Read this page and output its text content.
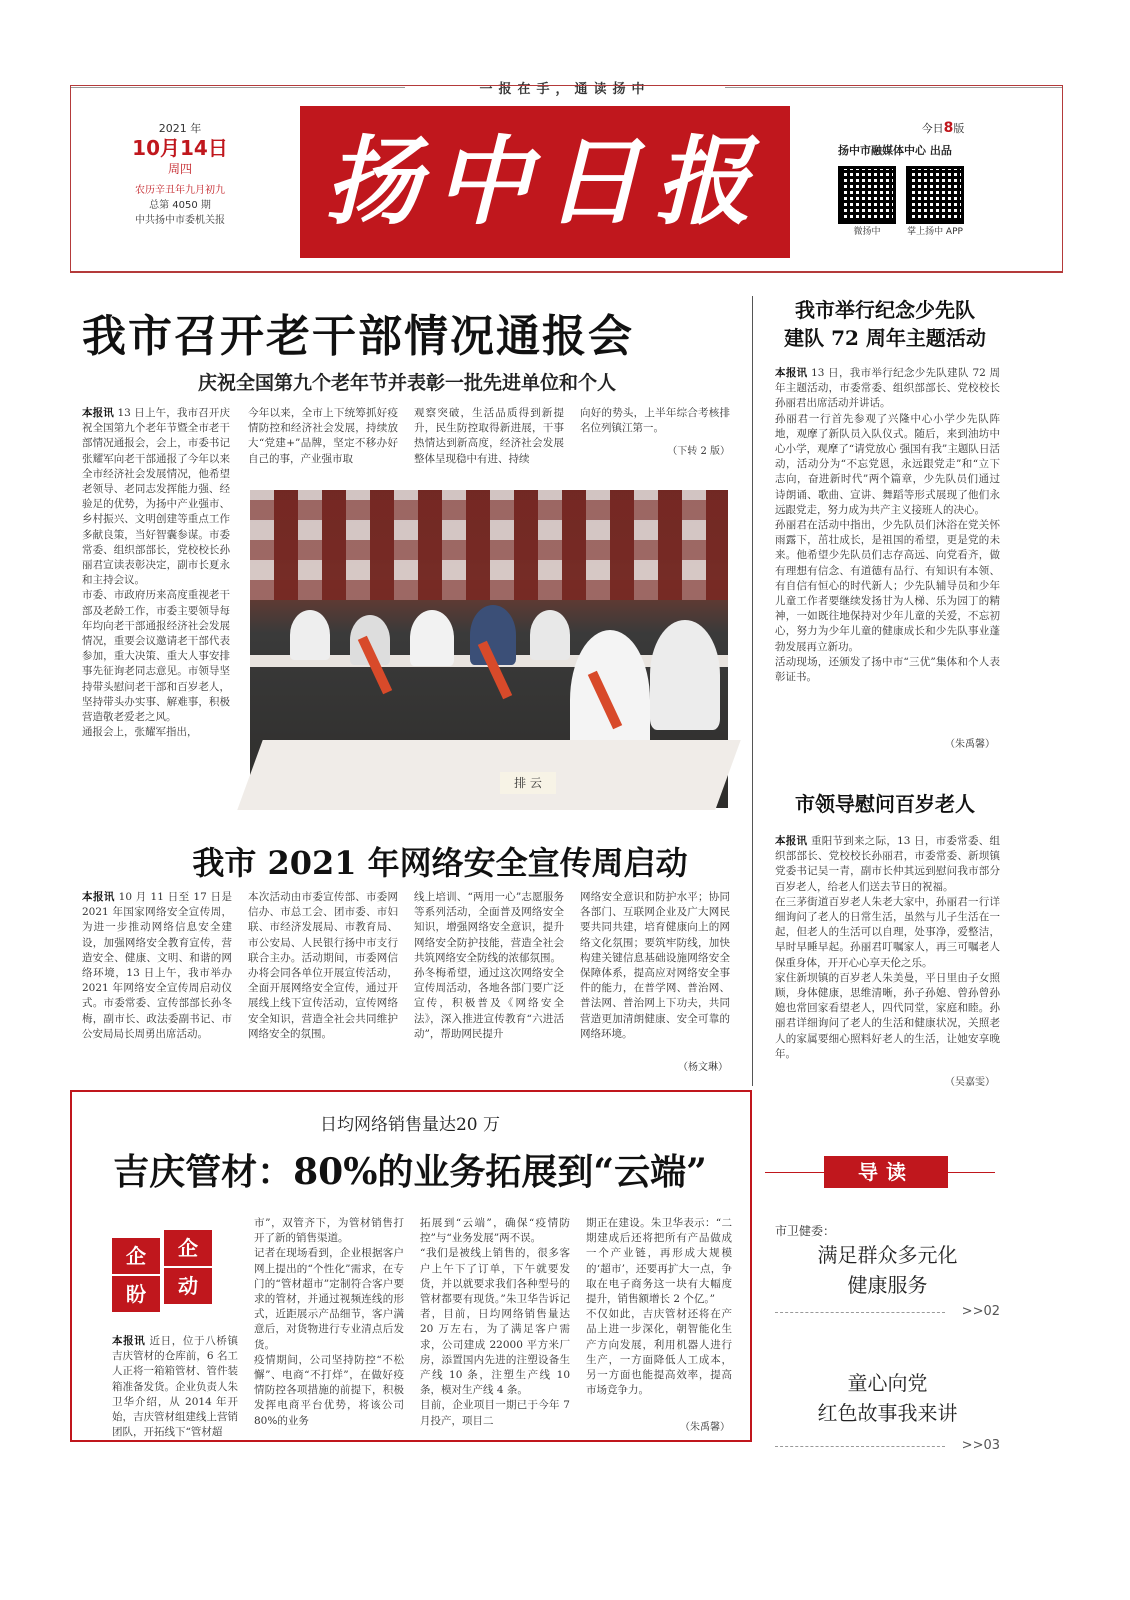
一报在手，通读扬中
2021 年
10月14日
周四
农历辛丑年九月初九
总第 4050 期
中共扬中市委机关报	扬中日报	今日8版
扬中市融媒体中心 出品
微扬中	掌上扬中 APP
我市召开老干部情况通报会
庆祝全国第九个老年节并表彰一批先进单位和个人
本报讯 13 日上午，我市召开庆祝全国第九个老年节暨全市老干部情况通报会，会上，市委书记张耀军向老干部通报了今年以来全市经济社会发展情况，他希望老领导、老同志发挥能力强、经验足的优势，为扬中产业强市、乡村振兴、文明创建等重点工作多献良策，当好智囊参谋。市委常委、组织部部长，党校校长孙丽君宣读表彰决定，副市长夏永和主持会议。
市委、市政府历来高度重视老干部及老龄工作，市委主要领导每年均向老干部通报经济社会发展情况，重要会议邀请老干部代表参加，重大决策、重大人事安排事先征询老同志意见。市领导坚持带头慰问老干部和百岁老人，坚持带头办实事、解难事，积极营造敬老爱老之风。
通报会上，张耀军指出，
今年以来，全市上下统筹抓好疫情防控和经济社会发展，持续放大“党建+”品牌，坚定不移办好自己的事，产业强市取
观察突破，生活品质得到新提升，民生防控取得新进展，干事热情达到新高度，经济社会发展整体呈现稳中有进、持续
向好的势头，上半年综合考核排名位列镇江第一。
（下转 2 版）
排 云
我市举行纪念少先队
建队 72 周年主题活动
本报讯 13 日，我市举行纪念少先队建队 72 周年主题活动，市委常委、组织部部长、党校校长孙丽君出席活动并讲话。
孙丽君一行首先参观了兴隆中心小学少先队阵地，观摩了新队员入队仪式。随后，来到油坊中心小学，观摩了“请党放心 强国有我”主题队日活动，活动分为“不忘党恩，永远跟党走”和“立下志向，奋进新时代”两个篇章，少先队员们通过诗朗诵、歌曲、宣讲、舞蹈等形式展现了他们永远跟党走，努力成为共产主义接班人的决心。
孙丽君在活动中指出，少先队员们沐浴在党关怀雨露下，茁壮成长，是祖国的希望，更是党的未来。他希望少先队员们志存高远、向党看齐，做有理想有信念、有道德有品行、有知识有本领、有自信有恒心的时代新人；少先队辅导员和少年儿童工作者要继续发扬甘为人梯、乐为园丁的精神，一如既往地保持对少年儿童的关爱，不忘初心，努力为少年儿童的健康成长和少先队事业蓬勃发展再立新功。
活动现场，还颁发了扬中市“三优”集体和个人表彰证书。
（朱禹馨）
市领导慰问百岁老人
本报讯 重阳节到来之际，13 日，市委常委、组织部部长、党校校长孙丽君，市委常委、新坝镇党委书记吴一青，副市长仲其远到慰问我市部分百岁老人，给老人们送去节日的祝福。
在三茅街道百岁老人朱老大家中，孙丽君一行详细询问了老人的日常生活，虽然与儿子生活在一起，但老人的生活可以自理，处事净，爱整洁，早时早睡早起。孙丽君叮嘱家人，再三可嘱老人保重身体，开开心心享天伦之乐。
家住新坝镇的百岁老人朱美曼，平日里由子女照顾，身体健康，思维清晰，孙子孙媳、曾孙曾孙媳也常回家看望老人，四代同堂，家庭和睦。孙丽君详细询问了老人的生活和健康状况，关照老人的家属要细心照料好老人的生活，让她安享晚年。
（吴嘉雯）
我市 2021 年网络安全宣传周启动
本报讯 10 月 11 日至 17 日是 2021 年国家网络安全宣传周，为进一步推动网络信息安全建设，加强网络安全教育宣传，营造安全、健康、文明、和谐的网络环境，13 日上午，我市举办 2021 年网络安全宣传周启动仪式。市委常委、宣传部部长孙冬梅，副市长、政法委副书记、市公安局局长周勇出席活动。
本次活动由市委宣传部、市委网信办、市总工会、团市委、市妇联、市经济发展局、市教育局、市公安局、人民银行扬中市支行联合主办。活动期间，市委网信办将会同各单位开展宣传活动，全面开展网络安全宣传，通过开展线上线下宣传活动，宣传网络安全知识，营造全社会共同维护网络安全的氛围。
线上培训、“两用一心”志愿服务等系列活动，全面普及网络安全知识，增强网络安全意识，提升网络安全防护技能，营造全社会共筑网络安全防线的浓郁氛围。
孙冬梅希望，通过这次网络安全宣传周活动，各地各部门要广泛宣传，积极普及《网络安全法》，深入推进宣传教育“六进活动”，帮助网民提升
网络安全意识和防护水平；协同各部门、互联网企业及广大网民要共同共建，培育健康向上的网络文化氛围；要筑牢防线，加快构建关键信息基础设施网络安全保障体系，提高应对网络安全事件的能力，在普学网、普治网、普法网、普治网上下功夫，共同营造更加清朗健康、安全可靠的网络环境。
（杨文琳）
日均网络销售量达20 万
吉庆管材：80%的业务拓展到“云端”
企	企
盼	动
本报讯 近日，位于八桥镇吉庆管材的仓库前，6 名工人正将一箱箱管材、管件装箱准备发货。企业负责人朱卫华介绍，从 2014 年开始，吉庆管材组建线上营销团队，开拓线下“管材超
市”，双管齐下，为管材销售打开了新的销售渠道。
记者在现场看到，企业根据客户网上提出的“个性化”需求，在专门的“管材超市”定制符合客户要求的管材，并通过视频连线的形式，近距展示产品细节，客户满意后，对货物进行专业清点后发货。
疫情期间，公司坚持防控“不松懈”、电商“不打烊”，在做好疫情防控各项措施的前提下，积极发挥电商平台优势，将该公司 80%的业务
拓展到“云端”，确保“疫情防控”与“业务发展”两不误。
“我们是被线上销售的，很多客户上午下了订单，下午就要发货，并以就要求我们各种型号的管材都要有现货。”朱卫华告诉记者，目前，日均网络销售量达 20 万左右，为了满足客户需求，公司建成 22000 平方米厂房，添置国内先进的注塑设备生产线 10 条，注塑生产线 10 条，模对生产线 4 条。
目前，企业项目一期已于今年 7 月投产，项目二
期正在建设。朱卫华表示：“二期建成后还将把所有产品做成一个产业链，再形成大规模的‘超市’，还要再扩大一点，争取在电子商务这一块有大幅度提升，销售额增长 2 个亿。”
不仅如此，吉庆管材还将在产品上进一步深化，朝智能化生产方向发展，利用机器人进行生产，一方面降低人工成本，另一方面也能提高效率，提高市场竞争力。
（朱禹馨）
导读
市卫健委：
满足群众多元化
健康服务
>>02
童心向党
红色故事我来讲
>>03
